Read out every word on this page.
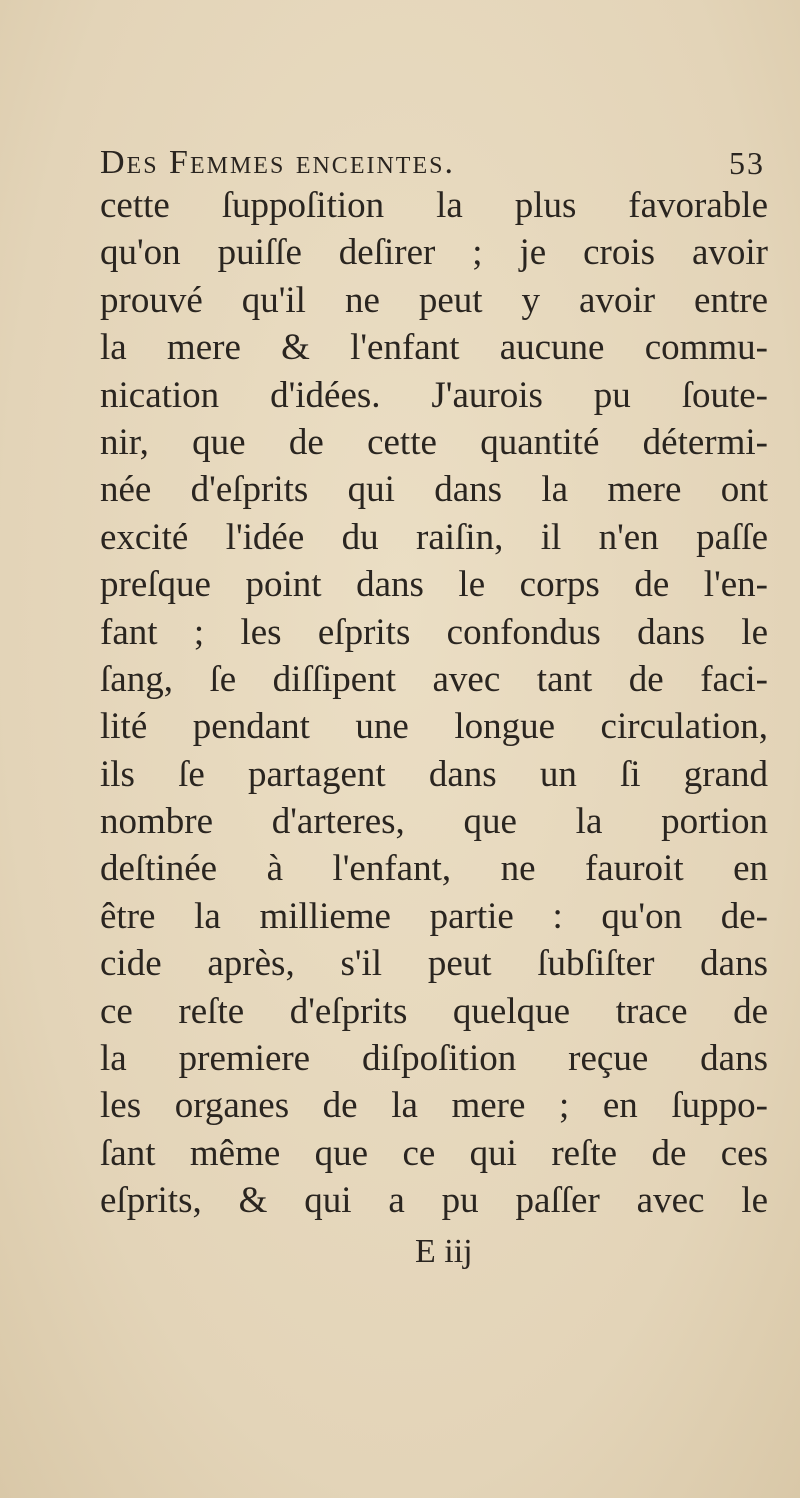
Des Femmes enceintes.	53
cette ſuppoſition la plus favorable
qu'on puiſſe deſirer ; je crois avoir
prouvé qu'il ne peut y avoir entre
la mere & l'enfant aucune commu-
nication d'idées. J'aurois pu ſoute-
nir, que de cette quantité détermi-
née d'eſprits qui dans la mere ont
excité l'idée du raiſin, il n'en paſſe
preſque point dans le corps de l'en-
fant ; les eſprits confondus dans le
ſang, ſe diſſipent avec tant de faci-
lité pendant une longue circulation,
ils ſe partagent dans un ſi grand
nombre d'arteres, que la portion
deſtinée à l'enfant, ne fauroit en
être la millieme partie : qu'on de-
cide après, s'il peut ſubſiſter dans
ce reſte d'eſprits quelque trace de
la premiere diſpoſition reçue dans
les organes de la mere ; en ſuppo-
ſant même que ce qui reſte de ces
eſprits, & qui a pu paſſer avec le
E iij
